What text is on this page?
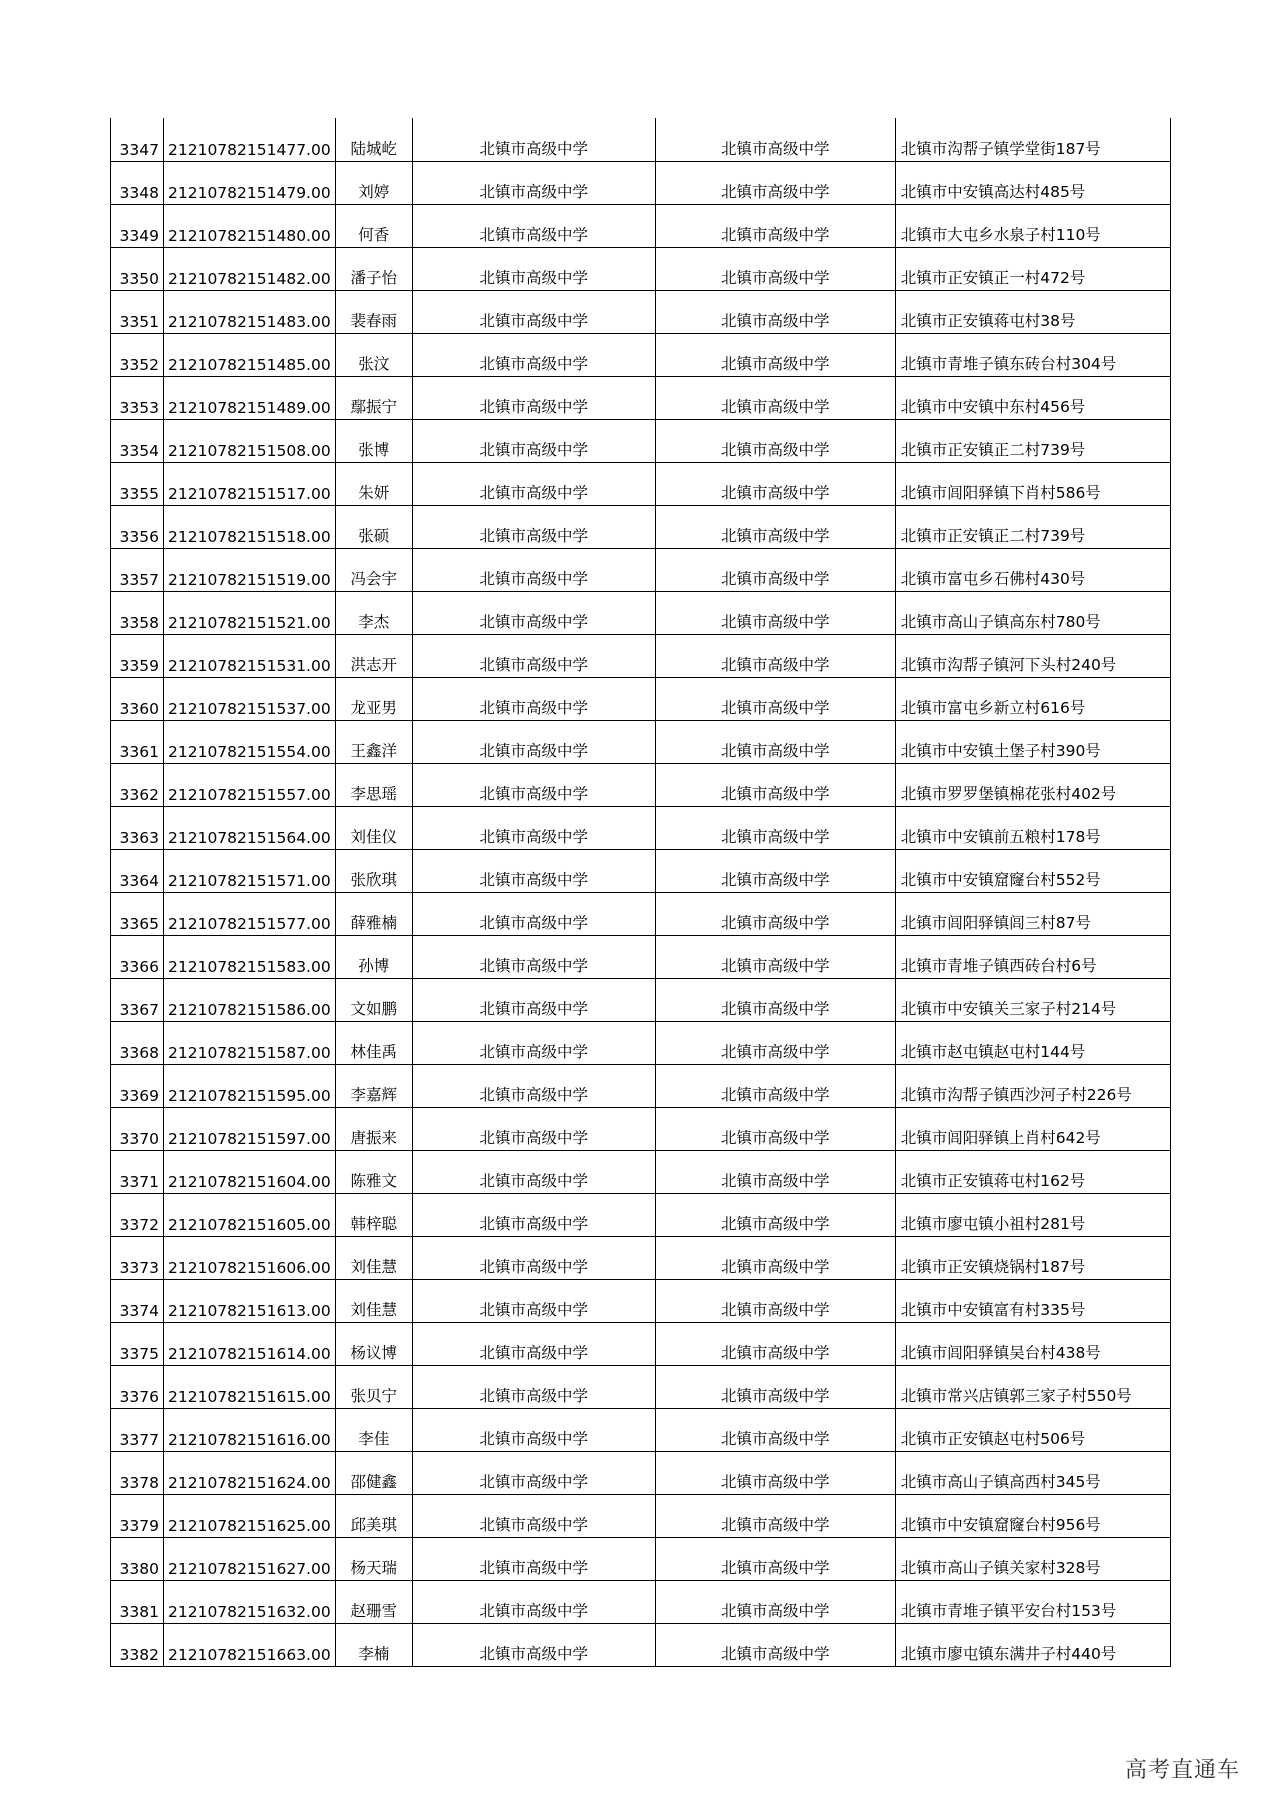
3347	21210782151477.00	陆城屹	北镇市高级中学	北镇市高级中学	北镇市沟帮子镇学堂街187号
3348	21210782151479.00	刘婷	北镇市高级中学	北镇市高级中学	北镇市中安镇高达村485号
3349	21210782151480.00	何香	北镇市高级中学	北镇市高级中学	北镇市大屯乡水泉子村110号
3350	21210782151482.00	潘子怡	北镇市高级中学	北镇市高级中学	北镇市正安镇正一村472号
3351	21210782151483.00	裴春雨	北镇市高级中学	北镇市高级中学	北镇市正安镇蒋屯村38号
3352	21210782151485.00	张汶	北镇市高级中学	北镇市高级中学	北镇市青堆子镇东砖台村304号
3353	21210782151489.00	鄢振宁	北镇市高级中学	北镇市高级中学	北镇市中安镇中东村456号
3354	21210782151508.00	张博	北镇市高级中学	北镇市高级中学	北镇市正安镇正二村739号
3355	21210782151517.00	朱妍	北镇市高级中学	北镇市高级中学	北镇市闾阳驿镇下肖村586号
3356	21210782151518.00	张硕	北镇市高级中学	北镇市高级中学	北镇市正安镇正二村739号
3357	21210782151519.00	冯会宇	北镇市高级中学	北镇市高级中学	北镇市富屯乡石佛村430号
3358	21210782151521.00	李杰	北镇市高级中学	北镇市高级中学	北镇市高山子镇高东村780号
3359	21210782151531.00	洪志开	北镇市高级中学	北镇市高级中学	北镇市沟帮子镇河下头村240号
3360	21210782151537.00	龙亚男	北镇市高级中学	北镇市高级中学	北镇市富屯乡新立村616号
3361	21210782151554.00	王鑫洋	北镇市高级中学	北镇市高级中学	北镇市中安镇土堡子村390号
3362	21210782151557.00	李思瑶	北镇市高级中学	北镇市高级中学	北镇市罗罗堡镇棉花张村402号
3363	21210782151564.00	刘佳仪	北镇市高级中学	北镇市高级中学	北镇市中安镇前五粮村178号
3364	21210782151571.00	张欣琪	北镇市高级中学	北镇市高级中学	北镇市中安镇窟窿台村552号
3365	21210782151577.00	薛雅楠	北镇市高级中学	北镇市高级中学	北镇市闾阳驿镇闾三村87号
3366	21210782151583.00	孙博	北镇市高级中学	北镇市高级中学	北镇市青堆子镇西砖台村6号
3367	21210782151586.00	文如鹏	北镇市高级中学	北镇市高级中学	北镇市中安镇关三家子村214号
3368	21210782151587.00	林佳禹	北镇市高级中学	北镇市高级中学	北镇市赵屯镇赵屯村144号
3369	21210782151595.00	李嘉辉	北镇市高级中学	北镇市高级中学	北镇市沟帮子镇西沙河子村226号
3370	21210782151597.00	唐振来	北镇市高级中学	北镇市高级中学	北镇市闾阳驿镇上肖村642号
3371	21210782151604.00	陈雅文	北镇市高级中学	北镇市高级中学	北镇市正安镇蒋屯村162号
3372	21210782151605.00	韩梓聪	北镇市高级中学	北镇市高级中学	北镇市廖屯镇小祖村281号
3373	21210782151606.00	刘佳慧	北镇市高级中学	北镇市高级中学	北镇市正安镇烧锅村187号
3374	21210782151613.00	刘佳慧	北镇市高级中学	北镇市高级中学	北镇市中安镇富有村335号
3375	21210782151614.00	杨议博	北镇市高级中学	北镇市高级中学	北镇市闾阳驿镇吴台村438号
3376	21210782151615.00	张贝宁	北镇市高级中学	北镇市高级中学	北镇市常兴店镇郭三家子村550号
3377	21210782151616.00	李佳	北镇市高级中学	北镇市高级中学	北镇市正安镇赵屯村506号
3378	21210782151624.00	邵健鑫	北镇市高级中学	北镇市高级中学	北镇市高山子镇高西村345号
3379	21210782151625.00	邱美琪	北镇市高级中学	北镇市高级中学	北镇市中安镇窟窿台村956号
3380	21210782151627.00	杨天瑞	北镇市高级中学	北镇市高级中学	北镇市高山子镇关家村328号
3381	21210782151632.00	赵珊雪	北镇市高级中学	北镇市高级中学	北镇市青堆子镇平安台村153号
3382	21210782151663.00	李楠	北镇市高级中学	北镇市高级中学	北镇市廖屯镇东满井子村440号
高考直通车
